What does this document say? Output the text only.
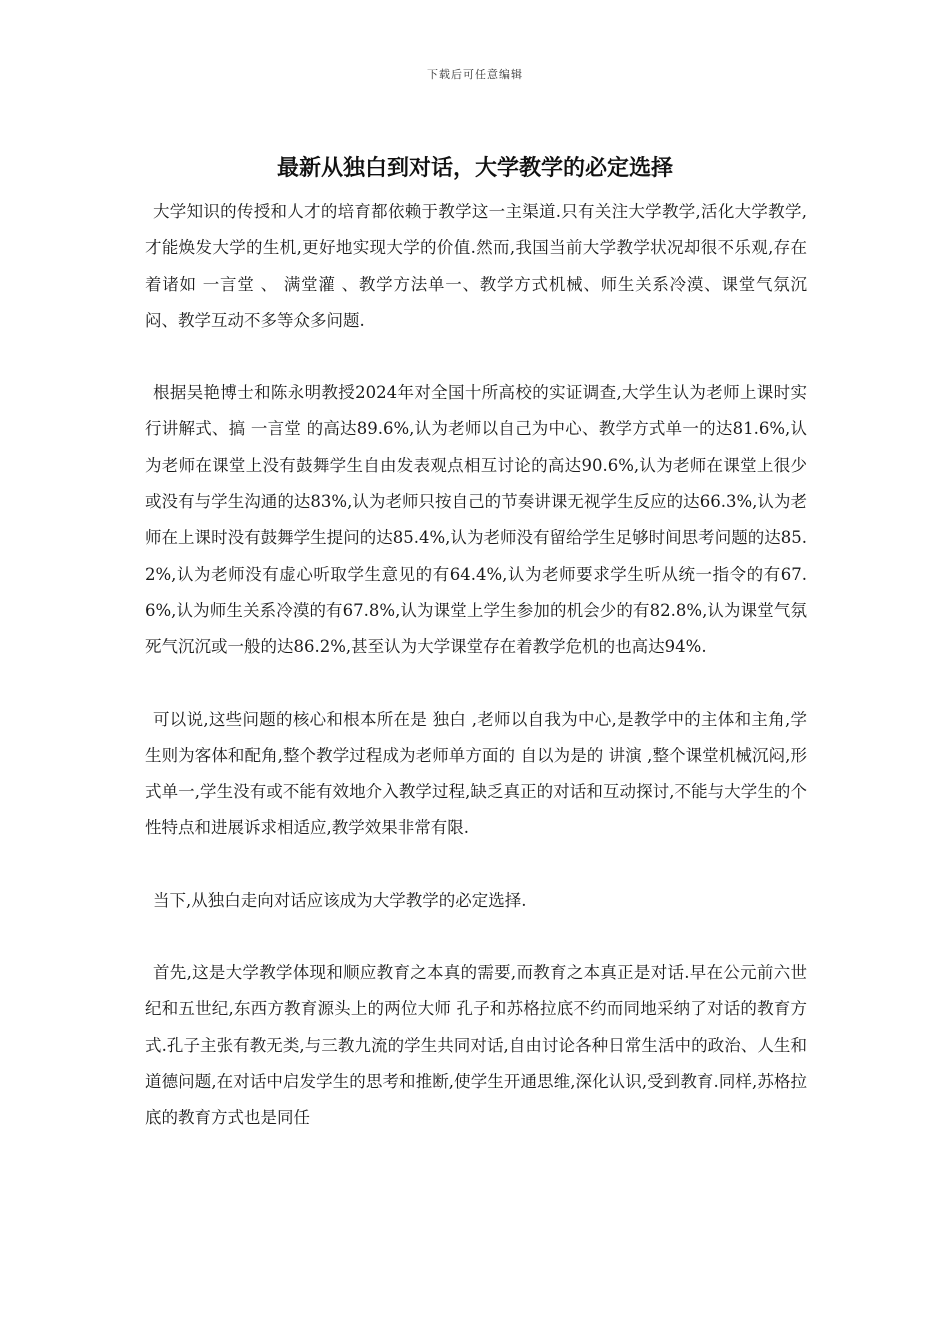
下载后可任意编辑
最新从独白到对话，大学教学的必定选择

大学知识的传授和人才的培育都依赖于教学这一主渠道.只有关注大学教学,活化大学教学,才能焕发大学的生机,更好地实现大学的价值.然而,我国当前大学教学状况却很不乐观,存在着诸如 一言堂 、 满堂灌 、教学方法单一、教学方式机械、师生关系冷漠、课堂气氛沉闷、教学互动不多等众多问题.

根据吴艳博士和陈永明教授2024年对全国十所高校的实证调查,大学生认为老师上课时实行讲解式、搞 一言堂 的高达89.6%,认为老师以自己为中心、教学方式单一的达81.6%,认为老师在课堂上没有鼓舞学生自由发表观点相互讨论的高达90.6%,认为老师在课堂上很少或没有与学生沟通的达83%,认为老师只按自己的节奏讲课无视学生反应的达66.3%,认为老师在上课时没有鼓舞学生提问的达85.4%,认为老师没有留给学生足够时间思考问题的达85.2%,认为老师没有虚心听取学生意见的有64.4%,认为老师要求学生听从统一指令的有67.6%,认为师生关系冷漠的有67.8%,认为课堂上学生参加的机会少的有82.8%,认为课堂气氛死气沉沉或一般的达86.2%,甚至认为大学课堂存在着教学危机的也高达94%.

可以说,这些问题的核心和根本所在是 独白 ,老师以自我为中心,是教学中的主体和主角,学生则为客体和配角,整个教学过程成为老师单方面的 自以为是的 讲演 ,整个课堂机械沉闷,形式单一,学生没有或不能有效地介入教学过程,缺乏真正的对话和互动探讨,不能与大学生的个性特点和进展诉求相适应,教学效果非常有限.

当下,从独白走向对话应该成为大学教学的必定选择.

首先,这是大学教学体现和顺应教育之本真的需要,而教育之本真正是对话.早在公元前六世纪和五世纪,东西方教育源头上的两位大师 孔子和苏格拉底不约而同地采纳了对话的教育方式.孔子主张有教无类,与三教九流的学生共同对话,自由讨论各种日常生活中的政治、人生和道德问题,在对话中启发学生的思考和推断,使学生开通思维,深化认识,受到教育.同样,苏格拉底的教育方式也是同任
